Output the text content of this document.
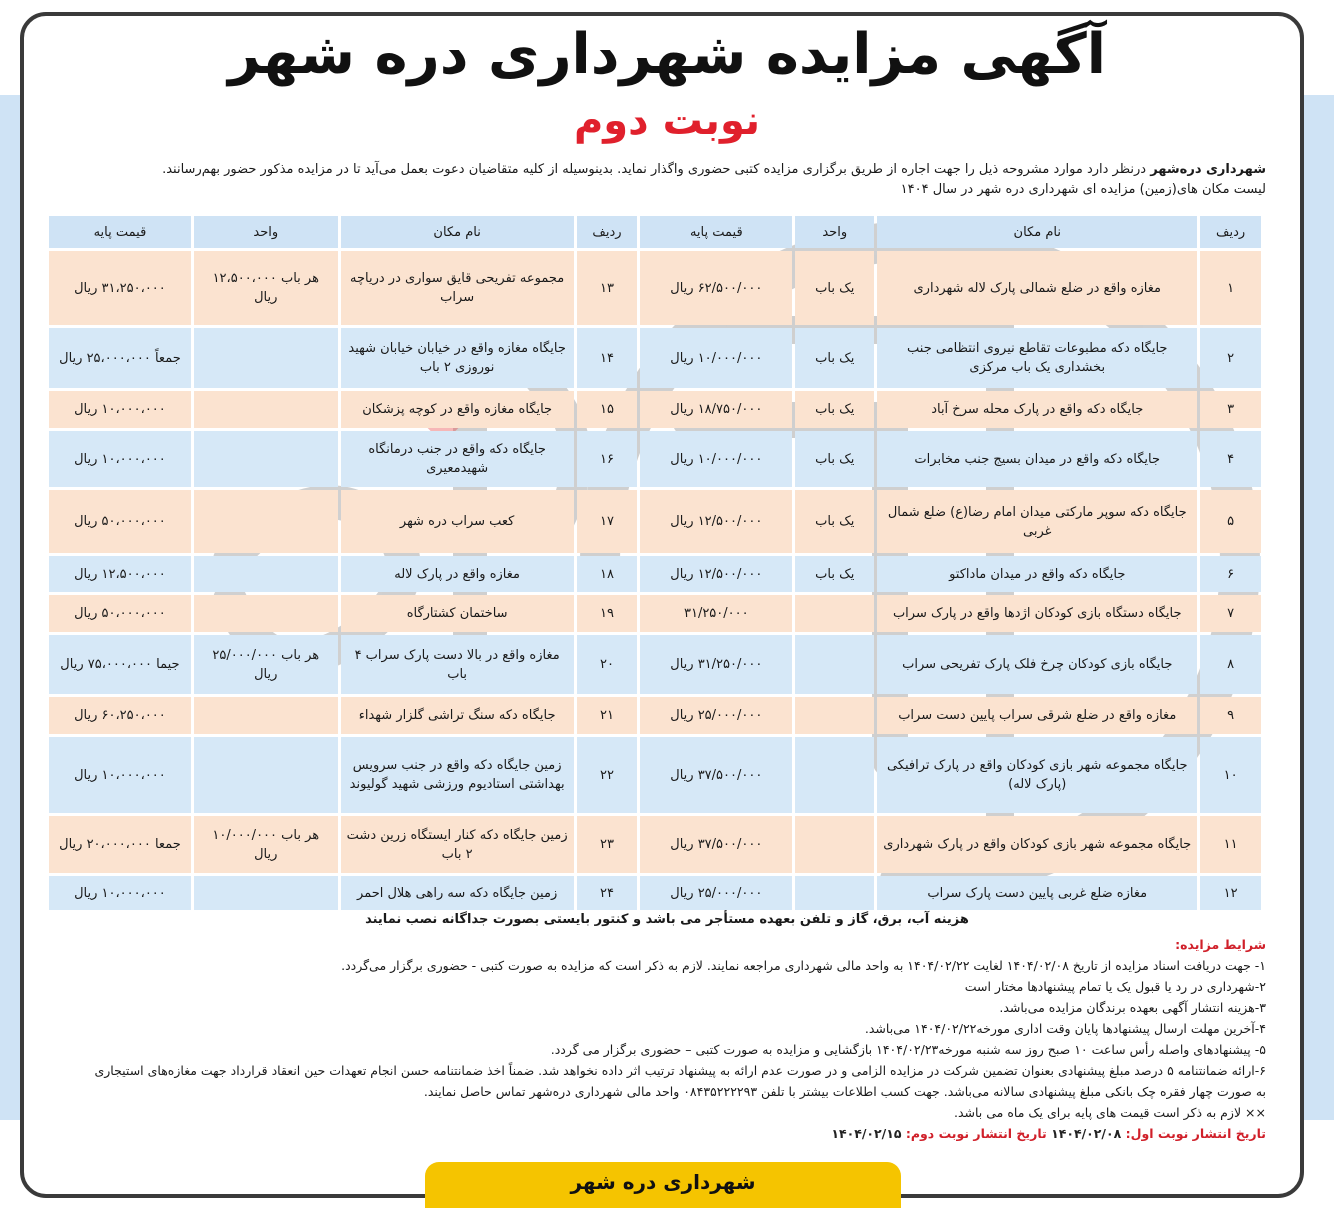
آگهی مزایده شهرداری دره شهر
نوبت دوم
شهرداری دره‌شهر درنظر دارد موارد مشروحه ذیل را جهت اجاره از طریق برگزاری مزایده کتبی حضوری واگذار نماید. بدینوسیله از کلیه متقاضیان دعوت بعمل می‌آید تا در مزایده مذکور حضور بهم‌رسانند.
لیست مکان های(زمین) مزایده ای شهرداری دره شهر در سال ۱۴۰۴
ردیف	نام مکان	واحد	قیمت پایه	ردیف	نام مکان	واحد	قیمت پایه
۱	مغازه واقع در ضلع شمالی پارک لاله شهرداری	یک باب	۶۲/۵۰۰/۰۰۰ ریال	۱۳	مجموعه تفریحی قایق سواری در دریاچه سراب	هر باب ۱۲،۵۰۰،۰۰۰ ریال	۳۱،۲۵۰،۰۰۰ ریال
۲	جایگاه دکه مطبوعات تقاطع نیروی انتظامی جنب بخشداری یک باب مرکزی	یک باب	۱۰/۰۰۰/۰۰۰ ریال	۱۴	جایگاه مغازه واقع در خیابان خیابان شهید نوروزی ۲ باب		جمعاً ۲۵،۰۰۰،۰۰۰ ریال
۳	جایگاه دکه واقع در پارک محله سرخ آباد	یک باب	۱۸/۷۵۰/۰۰۰ ریال	۱۵	جایگاه مغازه واقع در کوچه پزشکان		۱۰،۰۰۰،۰۰۰ ریال
۴	جایگاه دکه واقع در میدان بسیج جنب مخابرات	یک باب	۱۰/۰۰۰/۰۰۰ ریال	۱۶	جایگاه دکه واقع در جنب درمانگاه شهیدمعیری		۱۰،۰۰۰،۰۰۰ ریال
۵	جایگاه دکه سوپر مارکتی میدان امام رضا(ع) ضلع شمال غربی	یک باب	۱۲/۵۰۰/۰۰۰ ریال	۱۷	کعب سراب دره شهر		۵۰،۰۰۰،۰۰۰ ریال
۶	جایگاه دکه واقع در میدان ماداکتو	یک باب	۱۲/۵۰۰/۰۰۰ ریال	۱۸	مغازه واقع در پارک لاله		۱۲،۵۰۰،۰۰۰ ریال
۷	جایگاه دستگاه بازی کودکان اژدها واقع در پارک سراب		۳۱/۲۵۰/۰۰۰	۱۹	ساختمان کشتارگاه		۵۰،۰۰۰،۰۰۰ ریال
۸	جایگاه بازی کودکان چرخ فلک پارک تفریحی سراب		۳۱/۲۵۰/۰۰۰ ریال	۲۰	مغازه واقع در بالا دست پارک سراب ۴ باب	هر باب ۲۵/۰۰۰/۰۰۰ ریال	جیما ۷۵،۰۰۰،۰۰۰ ریال
۹	مغازه واقع در ضلع شرقی سراب پایین دست سراب		۲۵/۰۰۰/۰۰۰ ریال	۲۱	جایگاه دکه سنگ تراشی گلزار شهداء		۶۰،۲۵۰،۰۰۰ ریال
۱۰	جایگاه مجموعه شهر بازی کودکان واقع در پارک ترافیکی (پارک لاله)		۳۷/۵۰۰/۰۰۰ ریال	۲۲	زمین جایگاه دکه واقع در جنب سرویس بهداشتی استادیوم ورزشی شهید گولیوند		۱۰،۰۰۰،۰۰۰ ریال
۱۱	جایگاه مجموعه شهر بازی کودکان واقع در پارک شهرداری		۳۷/۵۰۰/۰۰۰ ریال	۲۳	زمین جایگاه دکه کنار ایستگاه زرین دشت ۲ باب	هر باب ۱۰/۰۰۰/۰۰۰ ریال	جمعا ۲۰،۰۰۰،۰۰۰ ریال
۱۲	مغازه ضلع غربی پایین دست پارک سراب		۲۵/۰۰۰/۰۰۰ ریال	۲۴	زمین جایگاه دکه سه راهی هلال احمر		۱۰،۰۰۰،۰۰۰ ریال
هزینه آب، برق، گاز و تلفن بعهده مستأجر می باشد و کنتور بایستی بصورت جداگانه نصب نمایند
شرایط مزایده:
۱- جهت دریافت اسناد مزایده از تاریخ ۱۴۰۴/۰۲/۰۸ لغایت ۱۴۰۴/۰۲/۲۲ به واحد مالی شهرداری مراجعه نمایند. لازم به ذکر است که مزایده به صورت کتبی - حضوری برگزار می‌گردد.
۲-شهرداری در رد یا قبول یک یا تمام پیشنهادها مختار است
۳-هزینه انتشار آگهی بعهده برندگان مزایده می‌باشد.
۴-آخرین مهلت ارسال پیشنهادها پایان وقت اداری مورخه۱۴۰۴/۰۲/۲۲ می‌باشد.
۵- پیشنهادهای واصله رأس ساعت ۱۰ صبح روز سه شنبه مورخه۱۴۰۴/۰۲/۲۳ بازگشایی و مزایده به صورت کتبی – حضوری برگزار می گردد.
۶-ارائه ضمانتنامه ۵ درصد مبلغ پیشنهادی بعنوان تضمین شرکت در مزایده الزامی و در صورت عدم ارائه به پیشنهاد ترتیب اثر داده نخواهد شد. ضمناً اخذ ضمانتنامه حسن انجام تعهدات حین انعقاد قرارداد جهت مغازه‌های استیجاری
به صورت چهار فقره چک بانکی مبلغ پیشنهادی سالانه می‌باشد. جهت کسب اطلاعات بیشتر با تلفن ۰۸۴۳۵۲۲۲۲۹۳ واحد مالی شهرداری دره‌شهر تماس حاصل نمایند.
×× لازم به ذکر است قیمت های پایه برای یک ماه می باشد.
تاریخ انتشار نوبت اول: ۱۴۰۴/۰۲/۰۸ تاریخ انتشار نوبت دوم: ۱۴۰۴/۰۲/۱۵
شهرداری دره شهر
